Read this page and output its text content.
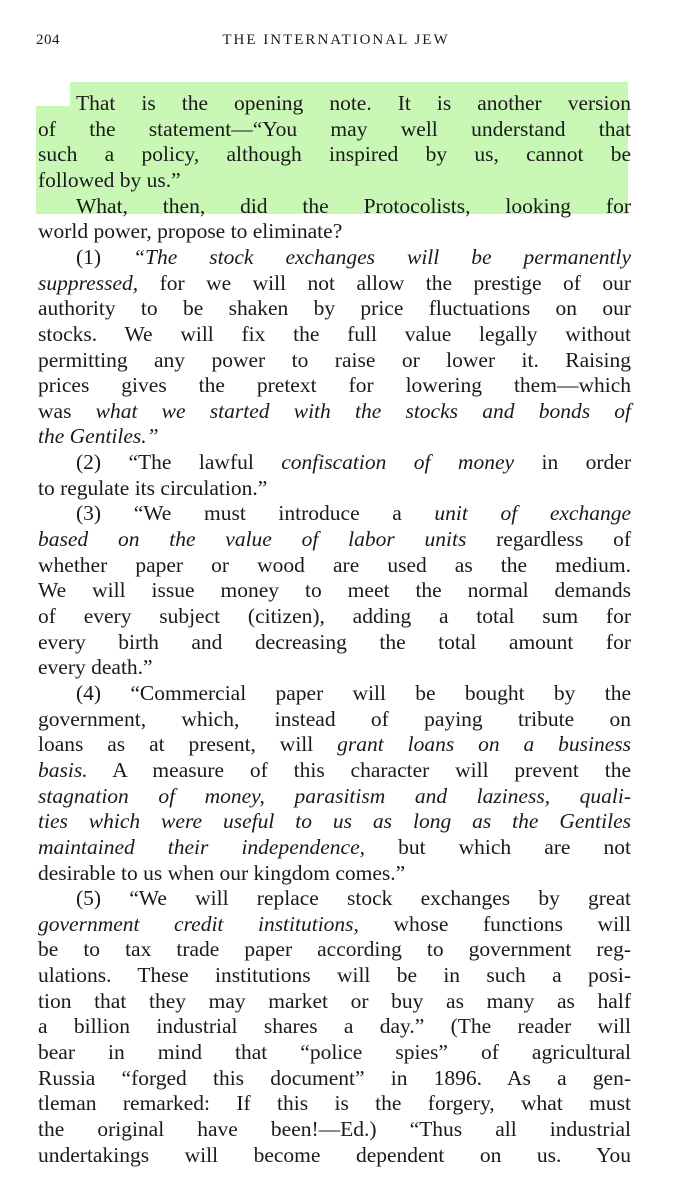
204	THE INTERNATIONAL JEW
That is the opening note. It is another version
of the statement—“You may well understand that
such a policy, although inspired by us, cannot be
followed by us.”
What, then, did the Protocolists, looking for
world power, propose to eliminate?
(1) “The stock exchanges will be permanently
suppressed, for we will not allow the prestige of our
authority to be shaken by price fluctuations on our
stocks. We will fix the full value legally without
permitting any power to raise or lower it. Raising
prices gives the pretext for lowering them—which
was what we started with the stocks and bonds of
the Gentiles.”
(2) “The lawful confiscation of money in order
to regulate its circulation.”
(3) “We must introduce a unit of exchange
based on the value of labor units regardless of
whether paper or wood are used as the medium.
We will issue money to meet the normal demands
of every subject (citizen), adding a total sum for
every birth and decreasing the total amount for
every death.”
(4) “Commercial paper will be bought by the
government, which, instead of paying tribute on
loans as at present, will grant loans on a business
basis. A measure of this character will prevent the
stagnation of money, parasitism and laziness, quali-
ties which were useful to us as long as the Gentiles
maintained their independence, but which are not
desirable to us when our kingdom comes.”
(5) “We will replace stock exchanges by great
government credit institutions, whose functions will
be to tax trade paper according to government reg-
ulations. These institutions will be in such a posi-
tion that they may market or buy as many as half
a billion industrial shares a day.” (The reader will
bear in mind that “police spies” of agricultural
Russia “forged this document” in 1896. As a gen-
tleman remarked: If this is the forgery, what must
the original have been!—Ed.) “Thus all industrial
undertakings will become dependent on us. You
